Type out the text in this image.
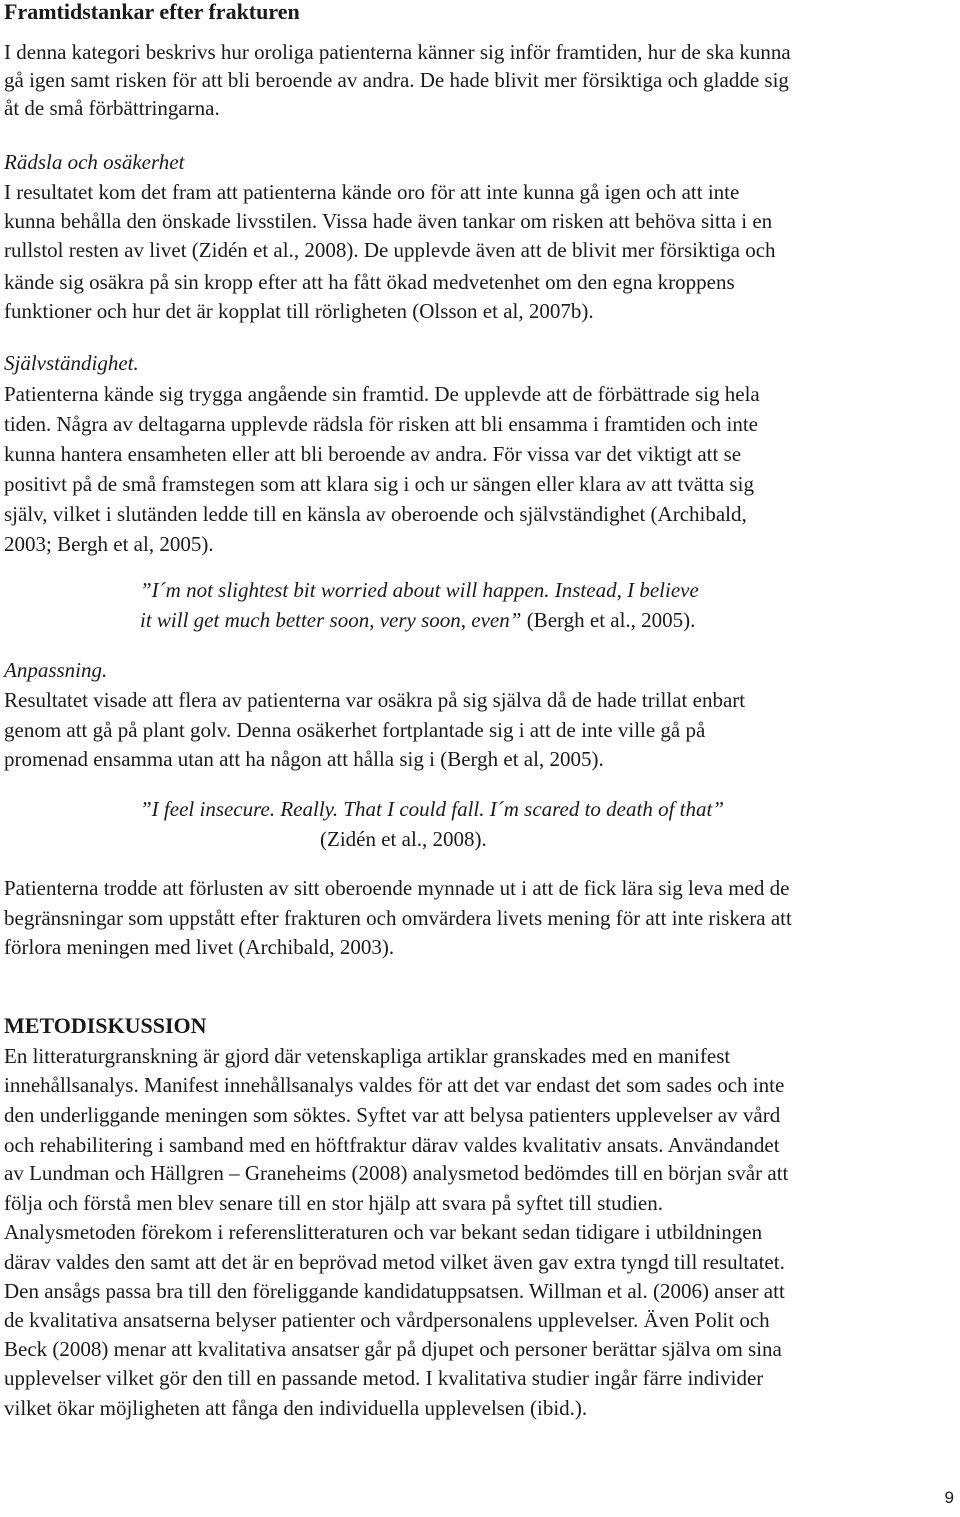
Framtidstankar efter frakturen

I denna kategori beskrivs hur oroliga patienterna känner sig inför framtiden, hur de ska kunna

gå igen samt risken för att bli beroende av andra. De hade blivit mer försiktiga och gladde sig

åt de små förbättringarna.

Rädsla och osäkerhet

I resultatet kom det fram att patienterna kände oro för att inte kunna gå igen och att inte

kunna behålla den önskade livsstilen. Vissa hade även tankar om risken att behöva sitta i en

rullstol resten av livet (Zidén et al., 2008). De upplevde även att de blivit mer försiktiga och

kände sig osäkra på sin kropp efter att ha fått ökad medvetenhet om den egna kroppens

funktioner och hur det är kopplat till rörligheten (Olsson et al, 2007b).

Självständighet.

Patienterna kände sig trygga angående sin framtid. De upplevde att de förbättrade sig hela

tiden. Några av deltagarna upplevde rädsla för risken att bli ensamma i framtiden och inte

kunna hantera ensamheten eller att bli beroende av andra. För vissa var det viktigt att se

positivt på de små framstegen som att klara sig i och ur sängen eller klara av att tvätta sig

själv, vilket i slutänden ledde till en känsla av oberoende och självständighet (Archibald,

2003; Bergh et al, 2005).

”I´m not slightest bit worried about will happen. Instead, I believe

it will get much better soon, very soon, even” (Bergh et al., 2005).

Anpassning.

Resultatet visade att flera av patienterna var osäkra på sig själva då de hade trillat enbart

genom att gå på plant golv. Denna osäkerhet fortplantade sig i att de inte ville gå på

promenad ensamma utan att ha någon att hålla sig i (Bergh et al, 2005).

”I feel insecure. Really. That I could fall. I´m scared to death of that”

(Zidén et al., 2008).

Patienterna trodde att förlusten av sitt oberoende mynnade ut i att de fick lära sig leva med de

begränsningar som uppstått efter frakturen och omvärdera livets mening för att inte riskera att

förlora meningen med livet (Archibald, 2003).

METODISKUSSION

En litteraturgranskning är gjord där vetenskapliga artiklar granskades med en manifest

innehållsanalys. Manifest innehållsanalys valdes för att det var endast det som sades och inte

den underliggande meningen som söktes. Syftet var att belysa patienters upplevelser av vård

och rehabilitering i samband med en höftfraktur därav valdes kvalitativ ansats. Användandet

av Lundman och Hällgren – Graneheims (2008) analysmetod bedömdes till en början svår att

följa och förstå men blev senare till en stor hjälp att svara på syftet till studien.

Analysmetoden förekom i referenslitteraturen och var bekant sedan tidigare i utbildningen

därav valdes den samt att det är en beprövad metod vilket även gav extra tyngd till resultatet.

Den ansågs passa bra till den föreliggande kandidatuppsatsen. Willman et al. (2006) anser att

de kvalitativa ansatserna belyser patienter och vårdpersonalens upplevelser. Även Polit och

Beck (2008) menar att kvalitativa ansatser går på djupet och personer berättar själva om sina

upplevelser vilket gör den till en passande metod. I kvalitativa studier ingår färre individer

vilket ökar möjligheten att fånga den individuella upplevelsen (ibid.).

9
